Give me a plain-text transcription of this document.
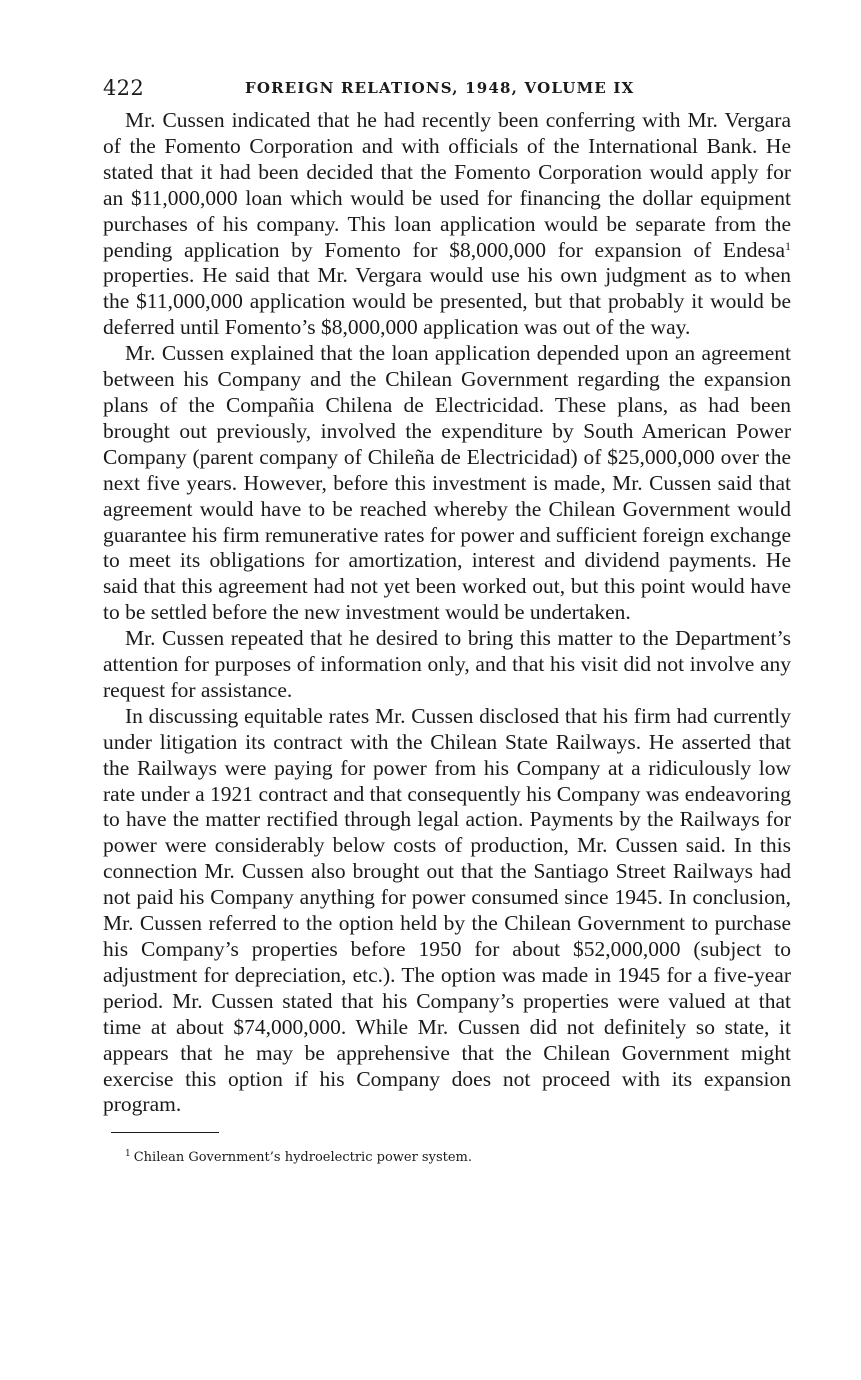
422	FOREIGN RELATIONS, 1948, VOLUME IX

Mr. Cussen indicated that he had recently been conferring with Mr. Vergara of the Fomento Corporation and with officials of the International Bank. He stated that it had been decided that the Fomento Corporation would apply for an $11,000,000 loan which would be used for financing the dollar equipment purchases of his company. This loan application would be separate from the pending application by Fomento for $8,000,000 for expansion of Endesa$^1$ properties. He said that Mr. Vergara would use his own judgment as to when the $11,000,000 application would be presented, but that probably it would be deferred until Fomento’s $8,000,000 application was out of the way.

Mr. Cussen explained that the loan application depended upon an agreement between his Company and the Chilean Government regarding the expansion plans of the Compañia Chilena de Electricidad. These plans, as had been brought out previously, involved the expenditure by South American Power Company (parent company of Chileña de Electricidad) of $25,000,000 over the next five years. However, before this investment is made, Mr. Cussen said that agreement would have to be reached whereby the Chilean Government would guarantee his firm remunerative rates for power and sufficient foreign exchange to meet its obligations for amortization, interest and dividend payments. He said that this agreement had not yet been worked out, but this point would have to be settled before the new investment would be undertaken.

Mr. Cussen repeated that he desired to bring this matter to the Department’s attention for purposes of information only, and that his visit did not involve any request for assistance.

In discussing equitable rates Mr. Cussen disclosed that his firm had currently under litigation its contract with the Chilean State Railways. He asserted that the Railways were paying for power from his Company at a ridiculously low rate under a 1921 contract and that consequently his Company was endeavoring to have the matter rectified through legal action. Payments by the Railways for power were considerably below costs of production, Mr. Cussen said. In this connection Mr. Cussen also brought out that the Santiago Street Railways had not paid his Company anything for power consumed since 1945. In conclusion, Mr. Cussen referred to the option held by the Chilean Government to purchase his Company’s properties before 1950 for about $52,000,000 (subject to adjustment for depreciation, etc.). The option was made in 1945 for a five-year period. Mr. Cussen stated that his Company’s properties were valued at that time at about $74,000,000. While Mr. Cussen did not definitely so state, it appears that he may be apprehensive that the Chilean Government might exercise this option if his Company does not proceed with its expansion program.

$^1$ Chilean Government’s hydroelectric power system.
